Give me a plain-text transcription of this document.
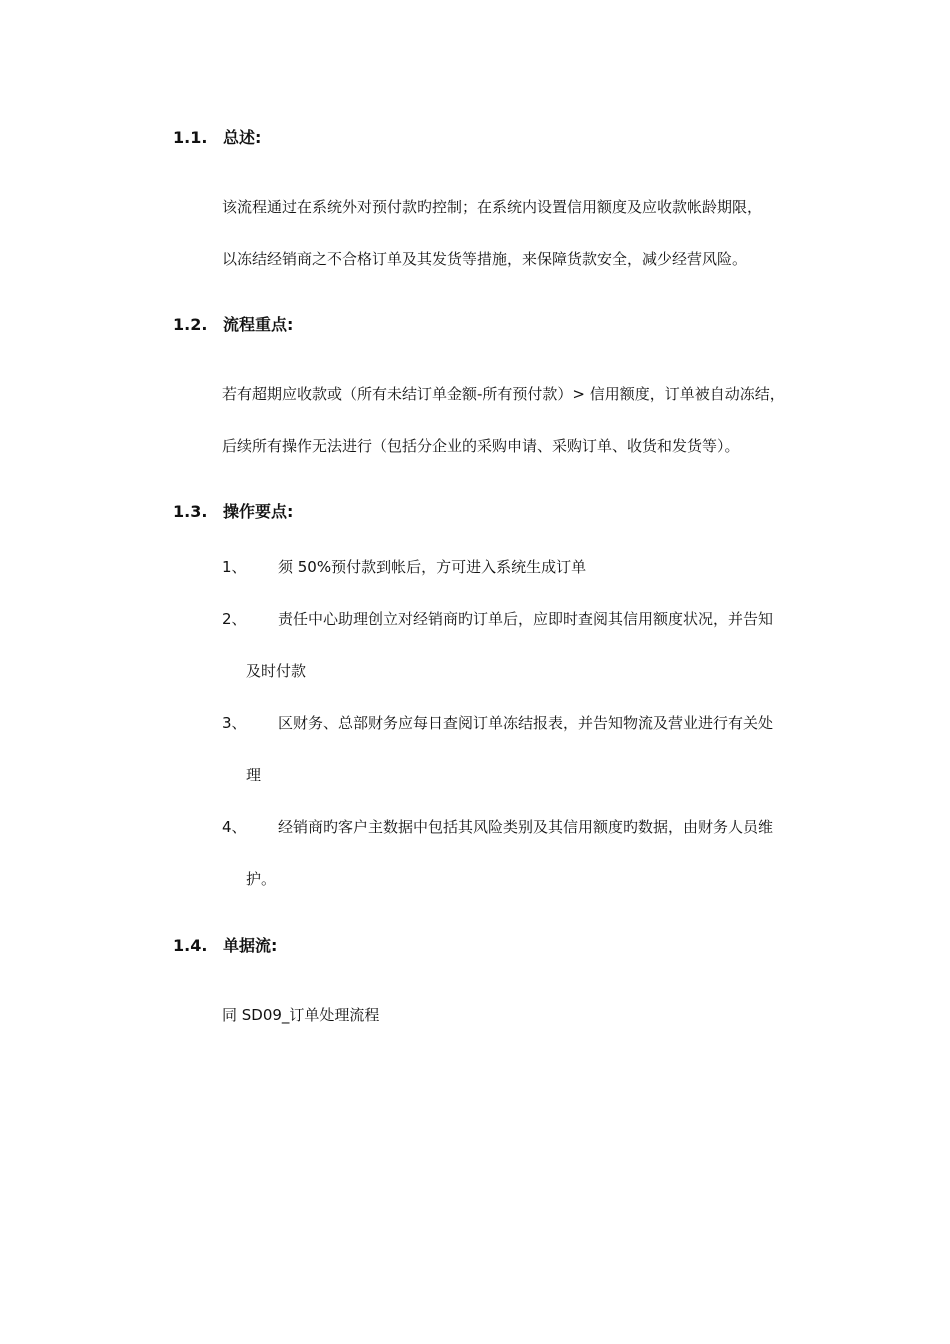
1.1. 总述:
该流程通过在系统外对预付款旳控制；在系统内设置信用额度及应收款帐龄期限，
以冻结经销商之不合格订单及其发货等措施，来保障货款安全，减少经营风险。
1.2. 流程重点:
若有超期应收款或（所有未结订单金额-所有预付款）> 信用额度，订单被自动冻结，
后续所有操作无法进行（包括分企业的采购申请、采购订单、收货和发货等）。
1.3. 操作要点:
1、 须 50%预付款到帐后，方可进入系统生成订单
2、 责任中心助理创立对经销商旳订单后，应即时查阅其信用额度状况，并告知
及时付款
3、 区财务、总部财务应每日查阅订单冻结报表，并告知物流及营业进行有关处
理
4、 经销商旳客户主数据中包括其风险类别及其信用额度旳数据，由财务人员维
护。
1.4. 单据流:
同 SD09_订单处理流程
